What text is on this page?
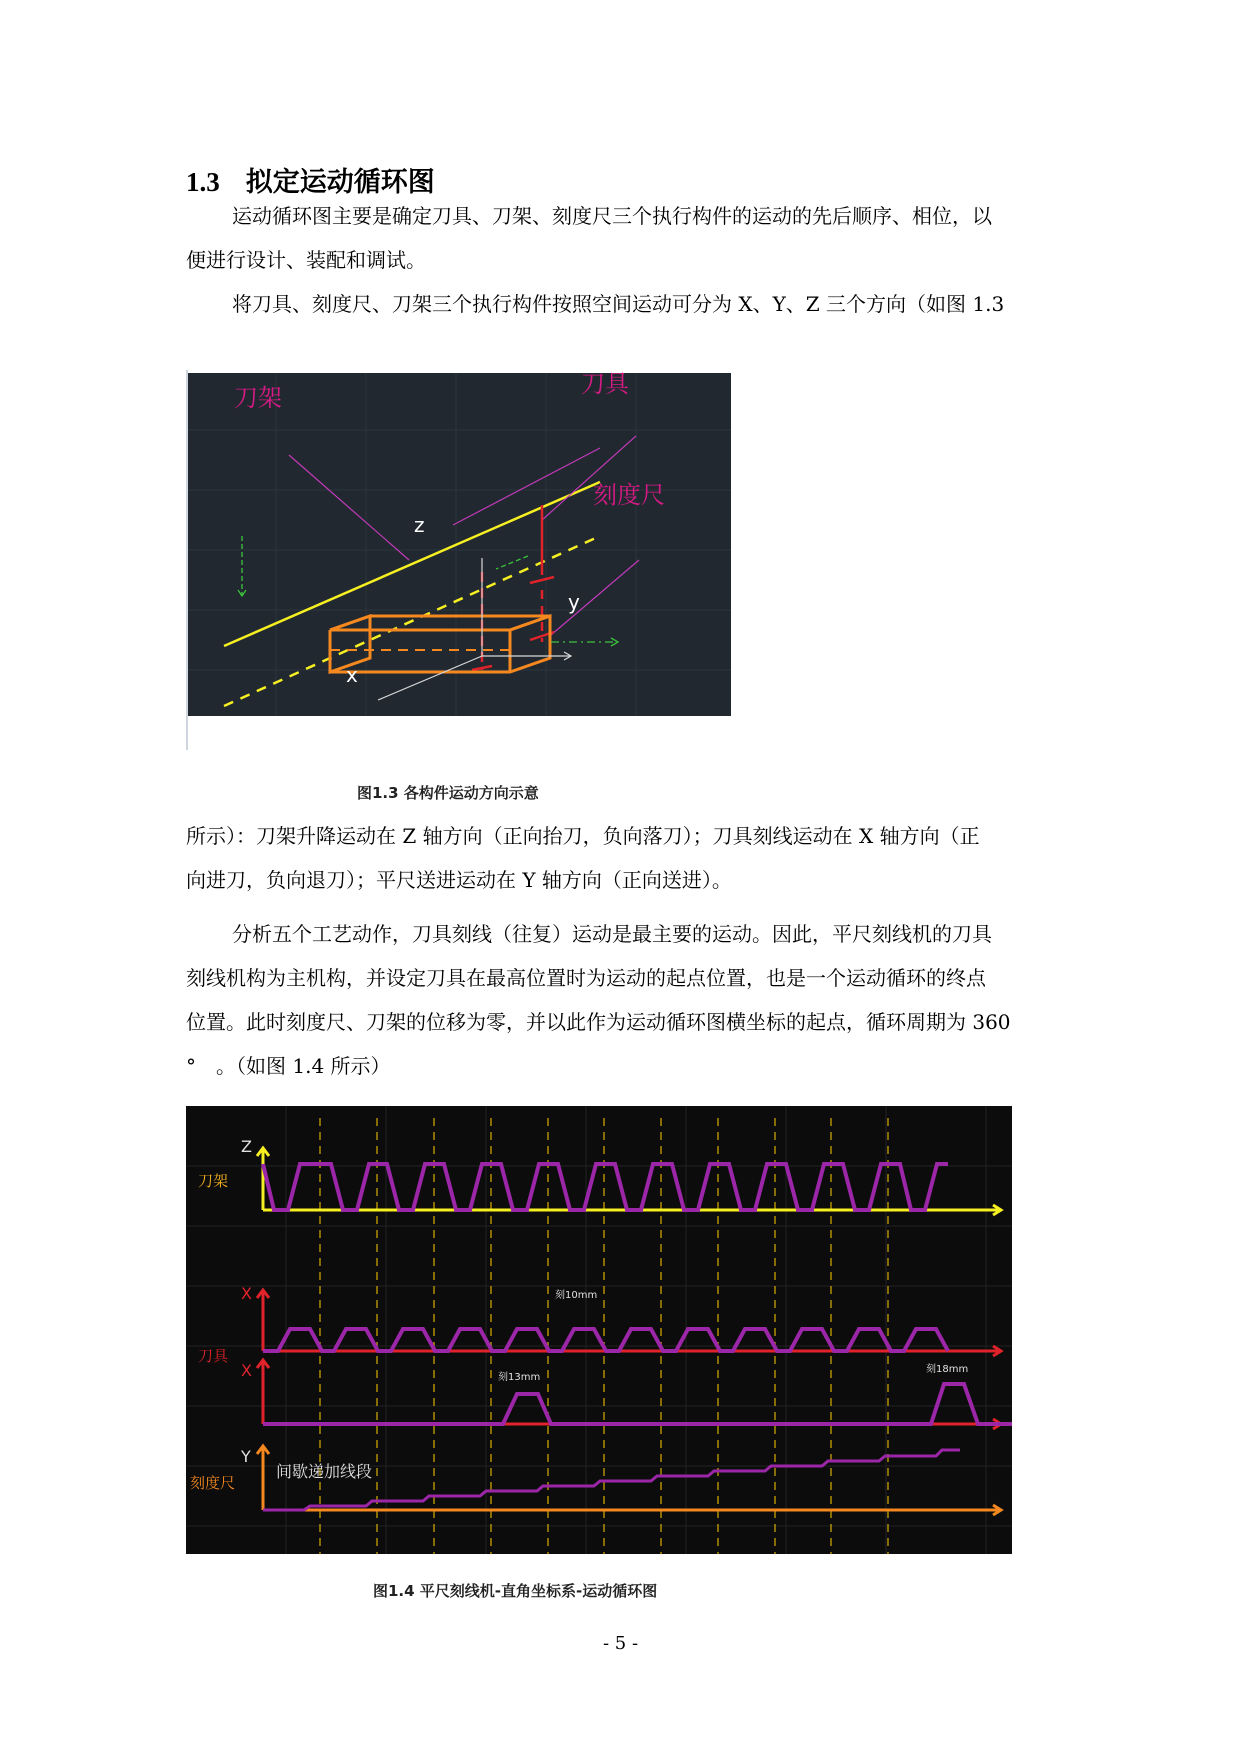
1.3 拟定运动循环图

运动循环图主要是确定刀具、刀架、刻度尺三个执行构件的运动的先后顺序、相位，以

便进行设计、装配和调试。

将刀具、刻度尺、刀架三个执行构件按照空间运动可分为 X、Y、Z 三个方向（如图 1.3

刀架	刀具
刻度尺
z
y
x
图1.3 各构件运动方向示意

所示）：刀架升降运动在 Z 轴方向（正向抬刀，负向落刀）；刀具刻线运动在 X 轴方向（正

向进刀，负向退刀）；平尺送进运动在 Y 轴方向（正向送进）。

分析五个工艺动作，刀具刻线（往复）运动是最主要的运动。因此，平尺刻线机的刀具

刻线机构为主机构，并设定刀具在最高位置时为运动的起点位置，也是一个运动循环的终点

位置。此时刻度尺、刀架的位移为零，并以此作为运动循环图横坐标的起点，循环周期为 360

°　。（如图 1.4 所示）

Z
刀架
X
刀具
刻10mm
X	刻13mm
刻18mm
Y
刻度尺
间歇递加线段
图1.4 平尺刻线机-直角坐标系-运动循环图
- 5 -
